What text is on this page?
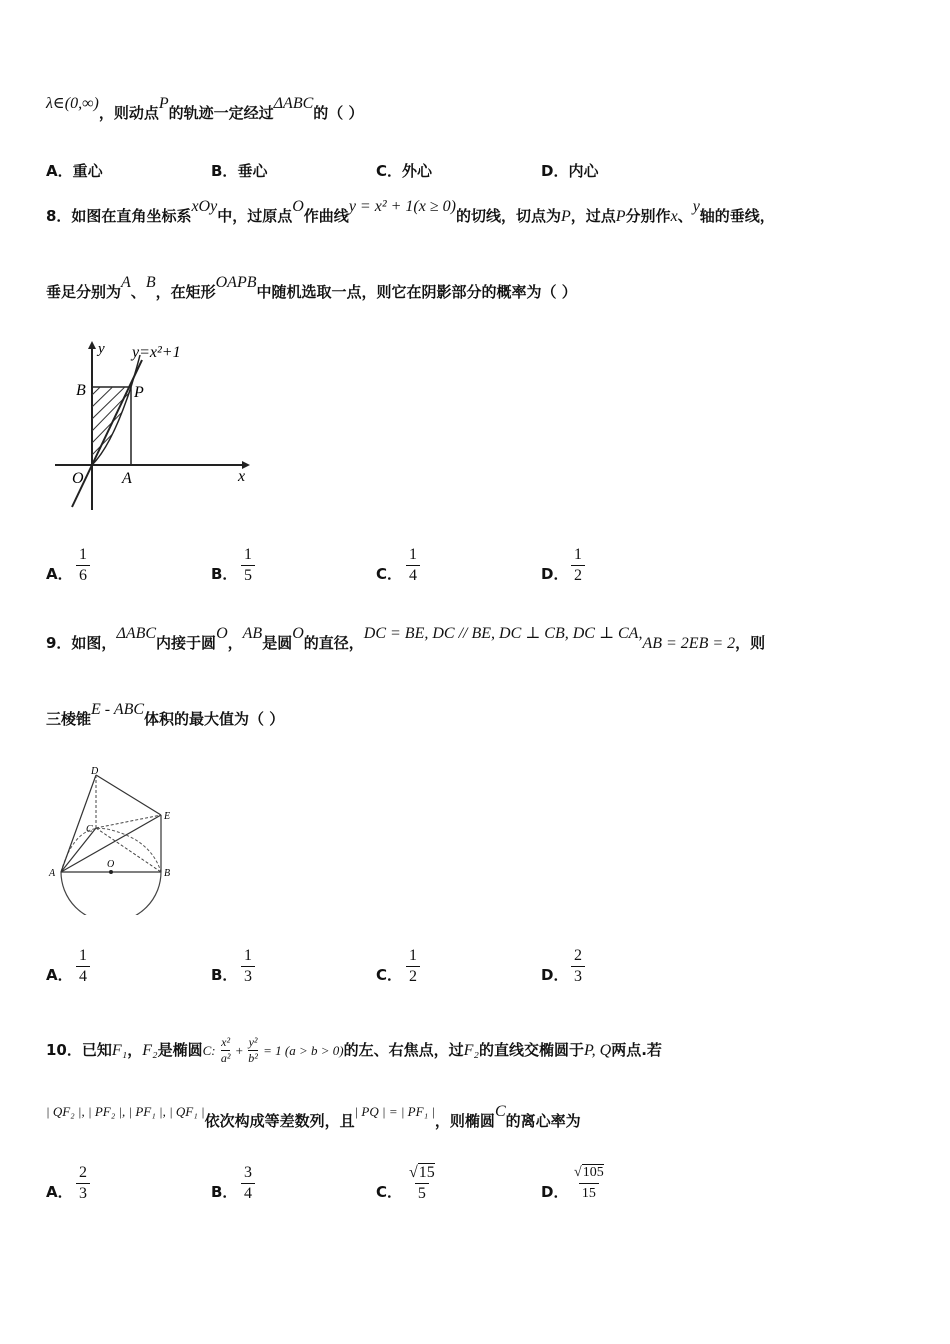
λ∈(0,∞)，则动点P的轨迹一定经过ΔABC的（ ）
A．重心	B．垂心	C．外心	D．内心
8．如图在直角坐标系xOy中，过原点O作曲线y = x² + 1(x ≥ 0)的切线，切点为P，过点P分别作x、y轴的垂线，
垂足分别为A、B，在矩形OAPB中随机选取一点，则它在阴影部分的概率为（ ）
y=x²+1
y
x
B	P
O A
A． $\frac{1}{6}$	B． $\frac{1}{5}$	C． $\frac{1}{4}$	D． $\frac{1}{2}$
9．如图，ΔABC内接于圆O，AB是圆O的直径，DC = BE, DC // BE, DC ⊥ CB, DC ⊥ CA,AB = 2EB = 2，则
三棱锥E - ABC体积的最大值为（ ）
D
E
C
O
A	B
A． $\frac{1}{4}$	B． $\frac{1}{3}$	C． $\frac{1}{2}$	D． $\frac{2}{3}$
10．已知F₁，F₂是椭圆C: $\frac{\text{x²}}{\text{a²}} + \frac{\text{y²}}{\text{b²}} = 1$ (a > b > 0)的左、右焦点，过F₂的直线交椭圆于P, Q两点.若
| QF₂ |, | PF₂ |, | PF₁ |, | QF₁ |依次构成等差数列，且| PQ | = | PF₁ |，则椭圆C的离心率为
A． $\frac{2}{3}$	B． $\frac{3}{4}$	C． $\frac{√15}{5}$	D． $\frac{√105}{15}$
